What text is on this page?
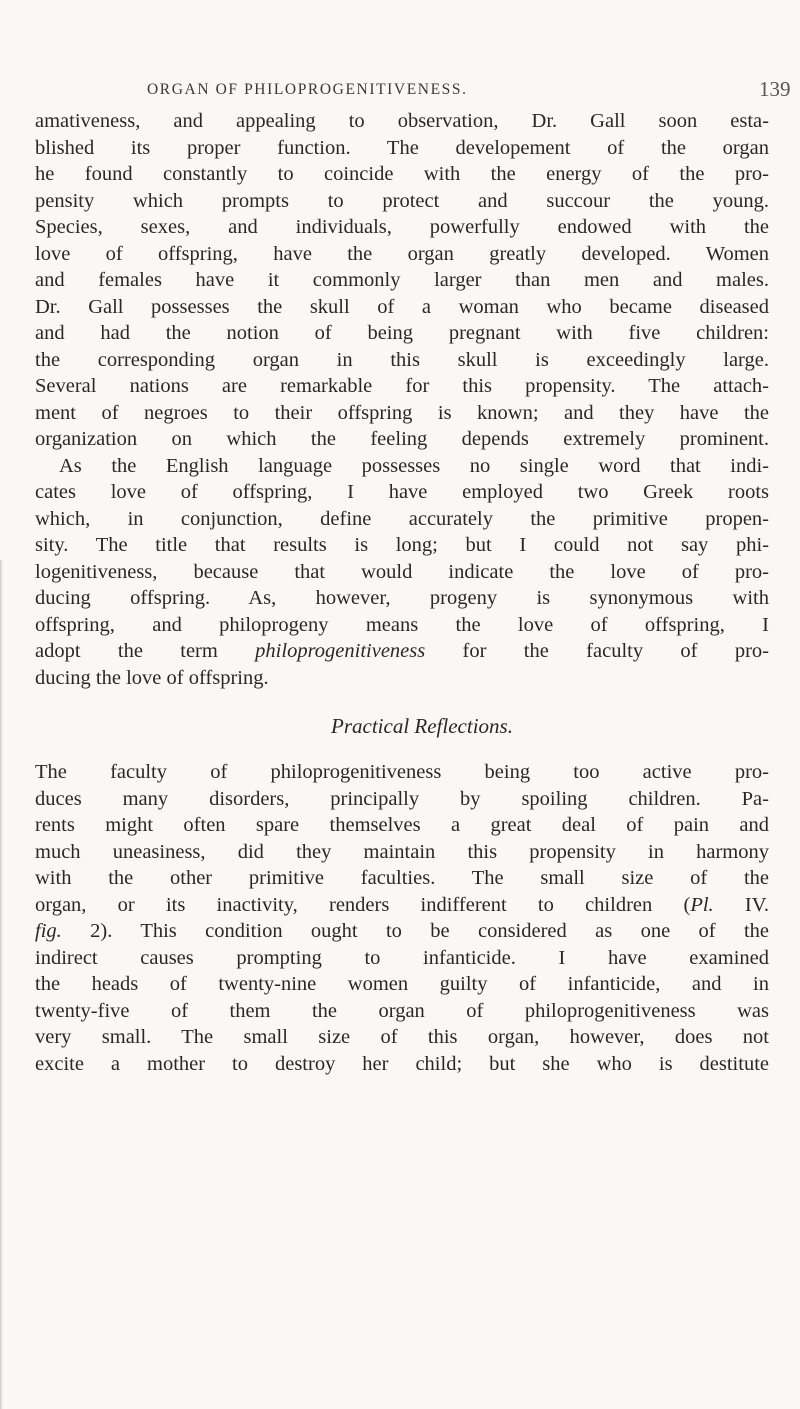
ORGAN OF PHILOPROGENITIVENESS.	139
amativeness, and appealing to observation, Dr. Gall soon esta-
blished its proper function. The developement of the organ
he found constantly to coincide with the energy of the pro-
pensity which prompts to protect and succour the young.
Species, sexes, and individuals, powerfully endowed with the
love of offspring, have the organ greatly developed. Women
and females have it commonly larger than men and males.
Dr. Gall possesses the skull of a woman who became diseased
and had the notion of being pregnant with five children:
the corresponding organ in this skull is exceedingly large.
Several nations are remarkable for this propensity. The attach-
ment of negroes to their offspring is known; and they have the
organization on which the feeling depends extremely prominent.
As the English language possesses no single word that indi-
cates love of offspring, I have employed two Greek roots
which, in conjunction, define accurately the primitive propen-
sity. The title that results is long; but I could not say phi-
logenitiveness, because that would indicate the love of pro-
ducing offspring. As, however, progeny is synonymous with
offspring, and philoprogeny means the love of offspring, I
adopt the term philoprogenitiveness for the faculty of pro-
ducing the love of offspring.
Practical Reflections.
The faculty of philoprogenitiveness being too active pro-
duces many disorders, principally by spoiling children. Pa-
rents might often spare themselves a great deal of pain and
much uneasiness, did they maintain this propensity in harmony
with the other primitive faculties. The small size of the
organ, or its inactivity, renders indifferent to children (Pl. IV.
fig. 2). This condition ought to be considered as one of the
indirect causes prompting to infanticide. I have examined
the heads of twenty-nine women guilty of infanticide, and in
twenty-five of them the organ of philoprogenitiveness was
very small. The small size of this organ, however, does not
excite a mother to destroy her child; but she who is destitute
